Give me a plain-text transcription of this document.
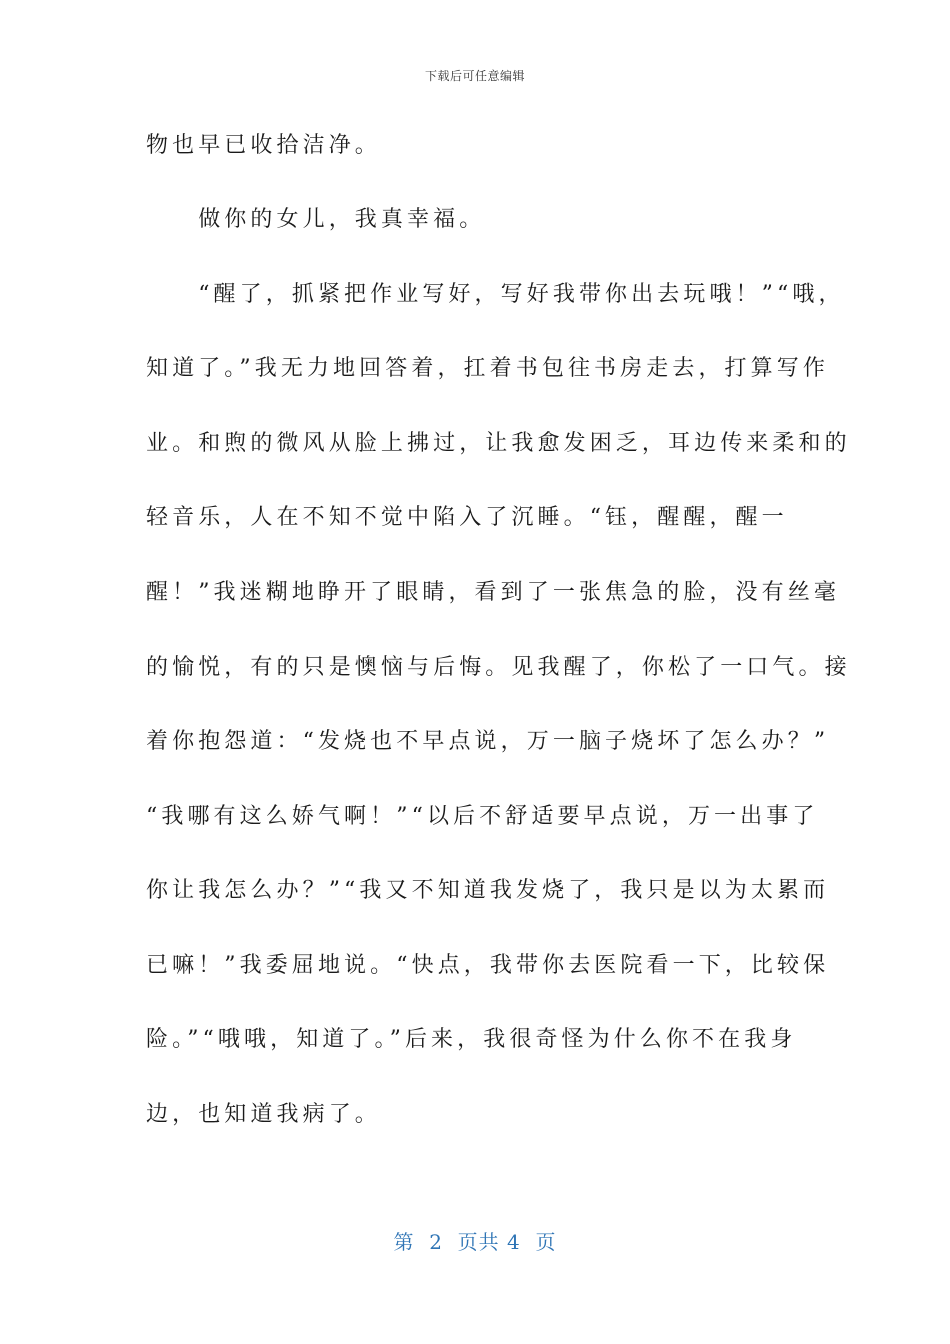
下载后可任意编辑
物也早已收拾洁净。
　　做你的女儿，我真幸福。
　　“醒了，抓紧把作业写好，写好我带你出去玩哦！”“哦，
知道了。”我无力地回答着，扛着书包往书房走去，打算写作
业。和煦的微风从脸上拂过，让我愈发困乏，耳边传来柔和的
轻音乐，人在不知不觉中陷入了沉睡。“钰，醒醒，醒一
醒！”我迷糊地睁开了眼睛，看到了一张焦急的脸，没有丝毫
的愉悦，有的只是懊恼与后悔。见我醒了，你松了一口气。接
着你抱怨道：“发烧也不早点说，万一脑子烧坏了怎么办？”
“我哪有这么娇气啊！”“以后不舒适要早点说，万一出事了
你让我怎么办？”“我又不知道我发烧了，我只是以为太累而
已嘛！”我委屈地说。“快点，我带你去医院看一下，比较保
险。”“哦哦，知道了。”后来，我很奇怪为什么你不在我身
边，也知道我病了。
第  2  页共 4  页
